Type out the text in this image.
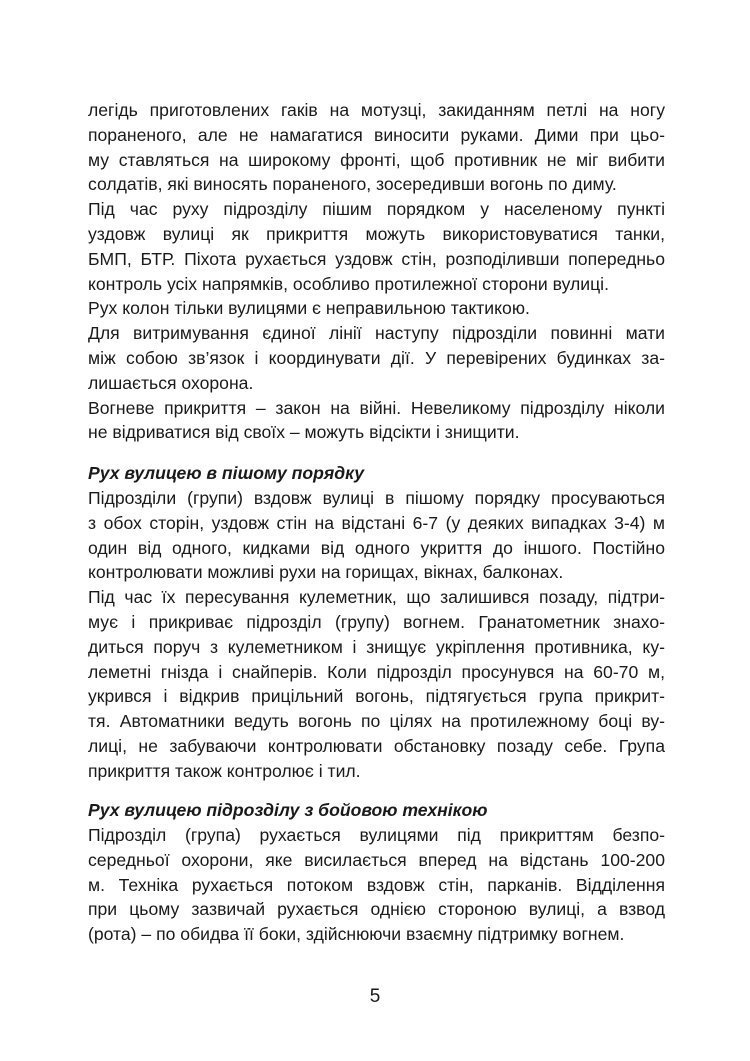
легідь приготовлених гаків на мотузці, закиданням петлі на ногу
пораненого, але не намагатися виносити руками. Дими при цьо-
му ставляться на широкому фронті, щоб противник не міг вибити
солдатів, які виносять пораненого, зосередивши вогонь по диму.
Під час руху підрозділу пішим порядком у населеному пункті
уздовж вулиці як прикриття можуть використовуватися танки,
БМП, БТР. Піхота рухається уздовж стін, розподіливши попередньо
контроль усіх напрямків, особливо протилежної сторони вулиці.
Рух колон тільки вулицями є неправильною тактикою.
Для витримування єдиної лінії наступу підрозділи повинні мати
між собою зв’язок і координувати дії. У перевірених будинках за-
лишається охорона.
Вогневе прикриття – закон на війні. Невеликому підрозділу ніколи
не відриватися від своїх – можуть відсікти і знищити.
Рух вулицею в пішому порядку
Підрозділи (групи) вздовж вулиці в пішому порядку просуваються
з обох сторін, уздовж стін на відстані 6-7 (у деяких випадках 3-4) м
один від одного, кидками від одного укриття до іншого. Постійно
контролювати можливі рухи на горищах, вікнах, балконах.
Під час їх пересування кулеметник, що залишився позаду, підтри-
мує і прикриває підрозділ (групу) вогнем. Гранатометник знахо-
диться поруч з кулеметником і знищує укріплення противника, ку-
леметні гнізда і снайперів. Коли підрозділ просунувся на 60-70 м,
укрився і відкрив прицільний вогонь, підтягується група прикрит-
тя. Автоматники ведуть вогонь по цілях на протилежному боці ву-
лиці, не забуваючи контролювати обстановку позаду себе. Група
прикриття також контролює і тил.
Рух вулицею підрозділу з бойовою технікою
Підрозділ (група) рухається вулицями під прикриттям безпо-
середньої охорони, яке висилається вперед на відстань 100-200
м. Техніка рухається потоком вздовж стін, парканів. Відділення
при цьому зазвичай рухається однією стороною вулиці, а взвод
(рота) – по обидва її боки, здійснюючи взаємну підтримку вогнем.
5
